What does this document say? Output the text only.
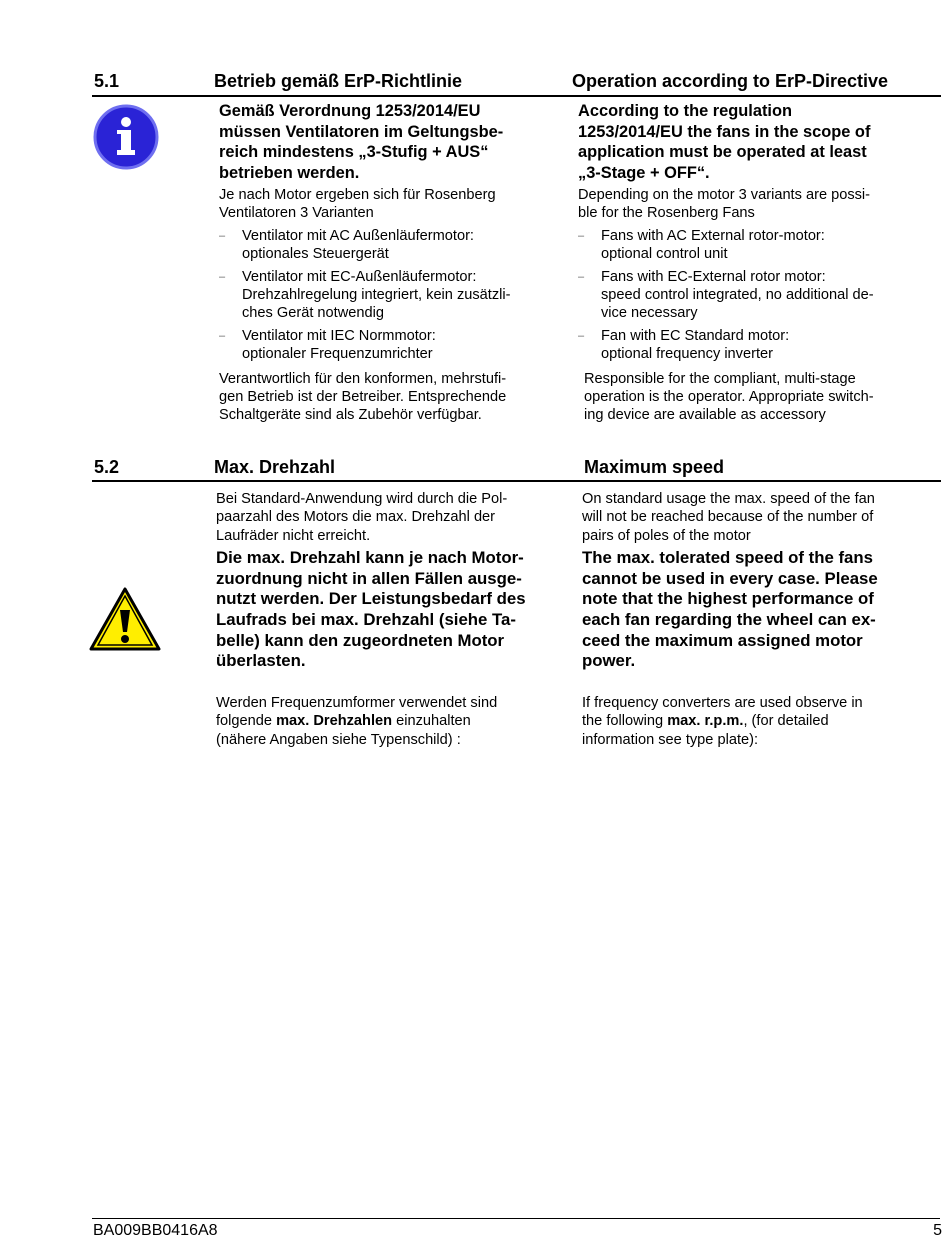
5.1	Betrieb gemäß ErP-Richtlinie	Operation according to ErP-Directive

Gemäß Verordnung 1253/2014/EU

müssen Ventilatoren im Geltungsbe-

reich mindestens „3-Stufig + AUS“

betrieben werden.

Je nach Motor ergeben sich für Rosenberg

Ventilatoren 3 Varianten

– Ventilator mit AC Außenläufermotor:
optionales Steuergerät
– Ventilator mit EC-Außenläufermotor:
Drehzahlregelung integriert, kein zusätzli-
ches Gerät notwendig
– Ventilator mit IEC Normmotor:
optionaler Frequenzumrichter

Verantwortlich für den konformen, mehrstufi-

gen Betrieb ist der Betreiber. Entsprechende

Schaltgeräte sind als Zubehör verfügbar.

According to the regulation

1253/2014/EU the fans in the scope of

application must be operated at least

„3-Stage + OFF“.

Depending on the motor 3 variants are possi-

ble for the Rosenberg Fans

– Fans with AC External rotor-motor:
optional control unit
– Fans with EC-External rotor motor:
speed control integrated, no additional de-
vice necessary
– Fan with EC Standard motor:
optional frequency inverter

Responsible for the compliant, multi-stage

operation is the operator. Appropriate switch-

ing device are available as accessory

5.2	Max. Drehzahl	Maximum speed

Bei Standard-Anwendung wird durch die Pol-

paarzahl des Motors die max. Drehzahl der

Laufräder nicht erreicht.

Die max. Drehzahl kann je nach Motor-

zuordnung nicht in allen Fällen ausge-

nutzt werden. Der Leistungsbedarf des

Laufrads bei max. Drehzahl (siehe Ta-

belle) kann den zugeordneten Motor

überlasten.

Werden Frequenzumformer verwendet sind

folgende max. Drehzahlen einzuhalten

(nähere Angaben siehe Typenschild) :

On standard usage the max. speed of the fan

will not be reached because of the number of

pairs of poles of the motor

The max. tolerated speed of the fans

cannot be used in every case. Please

note that the highest performance of

each fan regarding the wheel can ex-

ceed the maximum assigned motor

power.

If frequency converters are used observe in

the following max. r.p.m., (for detailed

information see type plate):

BA009BB0416A8	5
